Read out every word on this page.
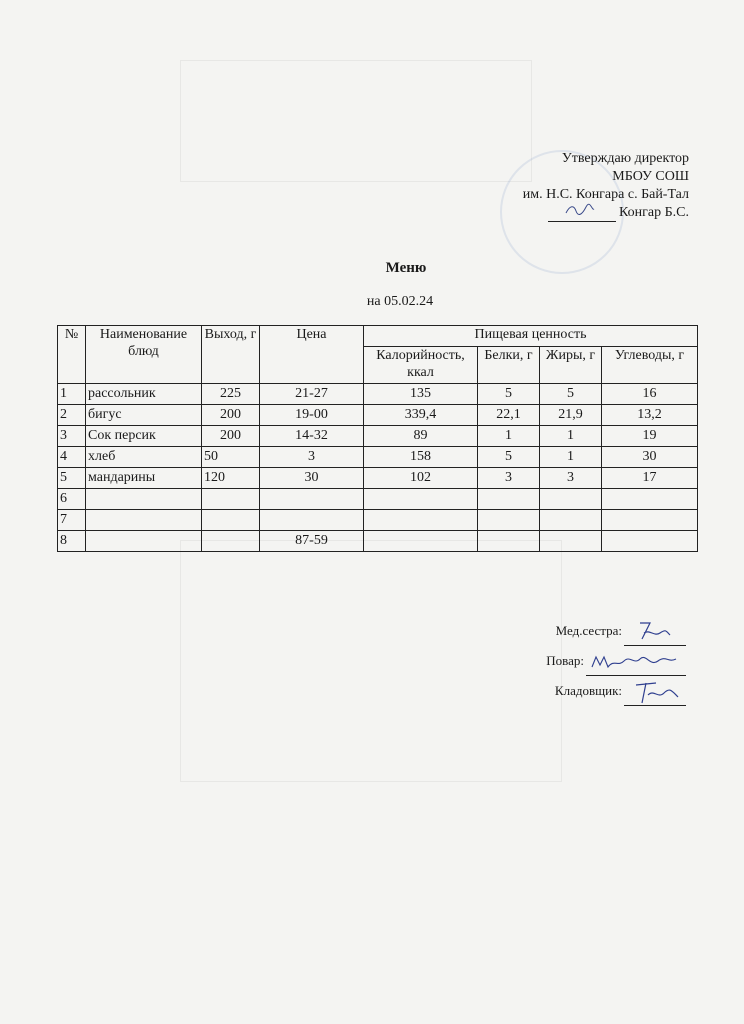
Утверждаю директор
МБОУ СОШ
им. Н.С. Конгара с. Бай-Тал
Конгар Б.С.
Меню
на 05.02.24
№	Наименование блюд	Выход, г	Цена	Пищевая ценность			
				Калорийность, ккал	Белки, г	Жиры, г	Углеводы, г
1	рассольник	225	21-27	135	5	5	16
2	бигус	200	19-00	339,4	22,1	21,9	13,2
3	Сок персик	200	14-32	89	1	1	19
4	хлеб	50	3	158	5	1	30
5	мандарины	120	30	102	3	3	17
6							
7							
8			87-59				
Мед.сестра:
Повар:
Кладовщик:
